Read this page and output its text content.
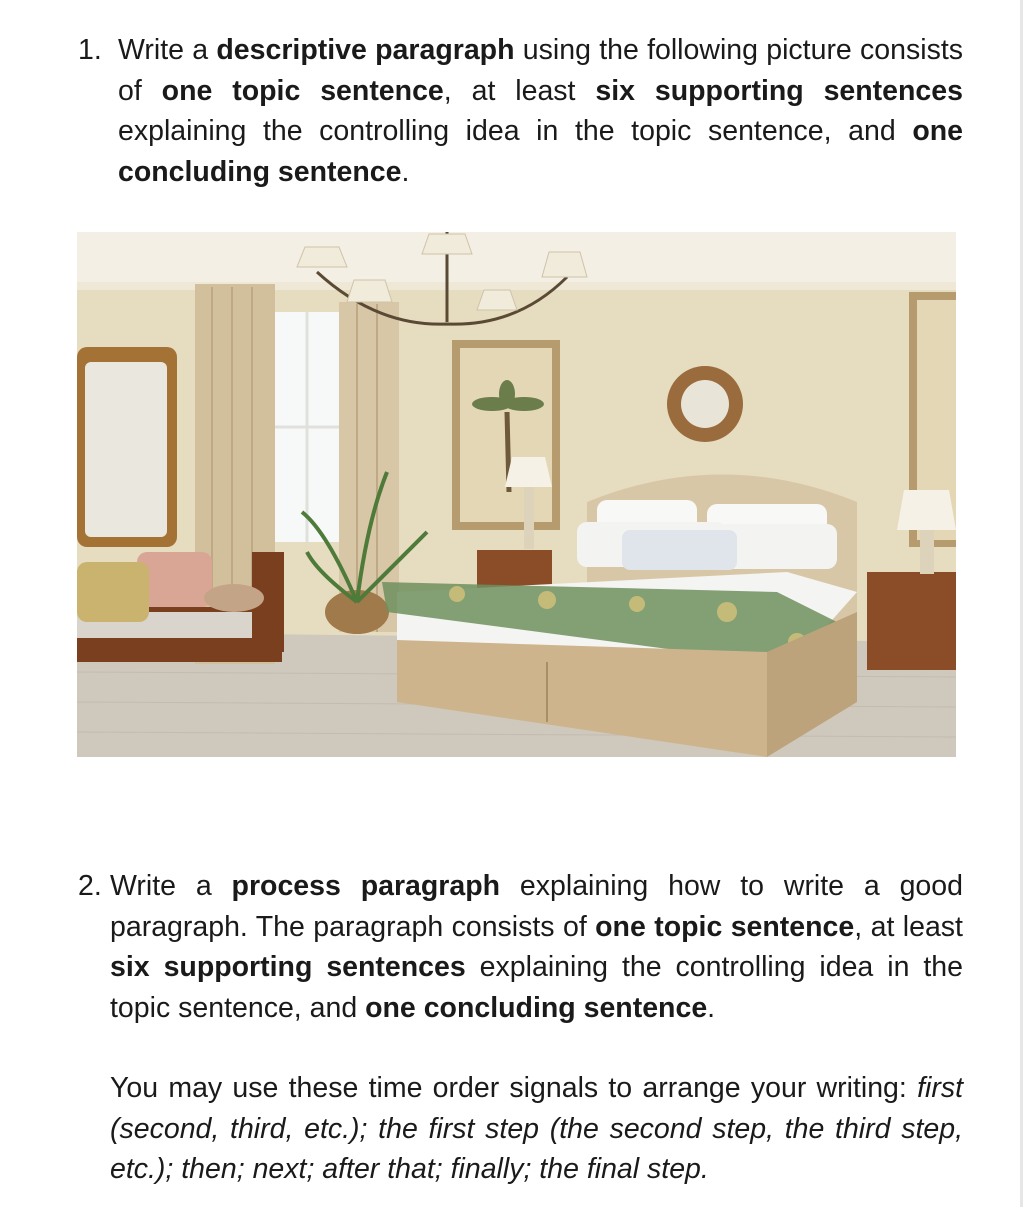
1. Write a descriptive paragraph using the following picture consists of one topic sentence, at least six supporting sentences explaining the controlling idea in the topic sentence, and one concluding sentence.
2. Write a process paragraph explaining how to write a good paragraph. The paragraph consists of one topic sentence, at least six supporting sentences explaining the controlling idea in the topic sentence, and one concluding sentence.
You may use these time order signals to arrange your writing: first (second, third, etc.); the first step (the second step, the third step, etc.); then; next; after that; finally; the final step.
